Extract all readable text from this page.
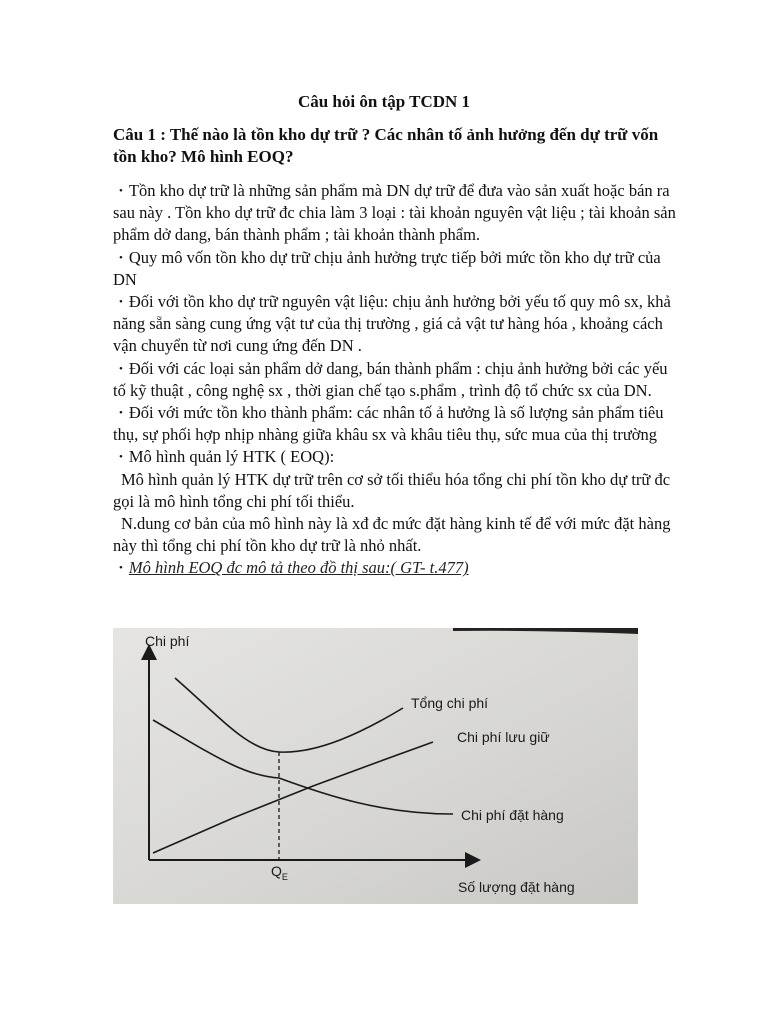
Câu hỏi ôn tập TCDN 1
Câu 1 : Thế nào là tồn kho dự trữ ? Các nhân tố ảnh hưởng đến dự trữ vốn tồn kho? Mô hình EOQ?

• Tồn kho dự trữ là những sản phẩm mà DN dự trữ để đưa vào sản xuất hoặc bán ra sau này . Tồn kho dự trữ đc chia làm 3 loại : tài khoản nguyên vật liệu ; tài khoản sản phẩm dở dang, bán thành phẩm ; tài khoản thành phẩm.

• Quy mô vốn tồn kho dự trữ chịu ảnh hưởng trực tiếp bởi mức tồn kho dự trữ của DN

• Đối với tồn kho dự trữ nguyên vật liệu: chịu ảnh hưởng bởi yếu tố quy mô sx, khả năng sẵn sàng cung ứng vật tư của thị trường , giá cả vật tư hàng hóa , khoảng cách vận chuyển từ nơi cung ứng đến DN .

• Đối với các loại sản phẩm dở dang, bán thành phẩm : chịu ảnh hưởng bởi các yếu tố kỹ thuật , công nghệ sx , thời gian chế tạo s.phẩm , trình độ tổ chức sx của DN.

• Đối với mức tồn kho thành phẩm: các nhân tố ả hưởng là số lượng sản phẩm tiêu thụ, sự phối hợp nhịp nhàng giữa khâu sx và khâu tiêu thụ, sức mua của thị trường

• Mô hình quản lý HTK ( EOQ):

Mô hình quản lý HTK dự trữ trên cơ sở tối thiểu hóa tổng chi phí tồn kho dự trữ đc gọi là mô hình tổng chi phí tối thiểu.

N.dung cơ bản của mô hình này là xđ đc mức đặt hàng kinh tế để với mức đặt hàng này thì tổng chi phí tồn kho dự trữ là nhỏ nhất.

• Mô hình EOQ đc mô tả theo đồ thị sau:( GT- t.477)

Chi phí
Tổng chi phí
Chi phí lưu giữ
Chi phí đặt hàng
$Q_E$
Số lượng đặt hàng
